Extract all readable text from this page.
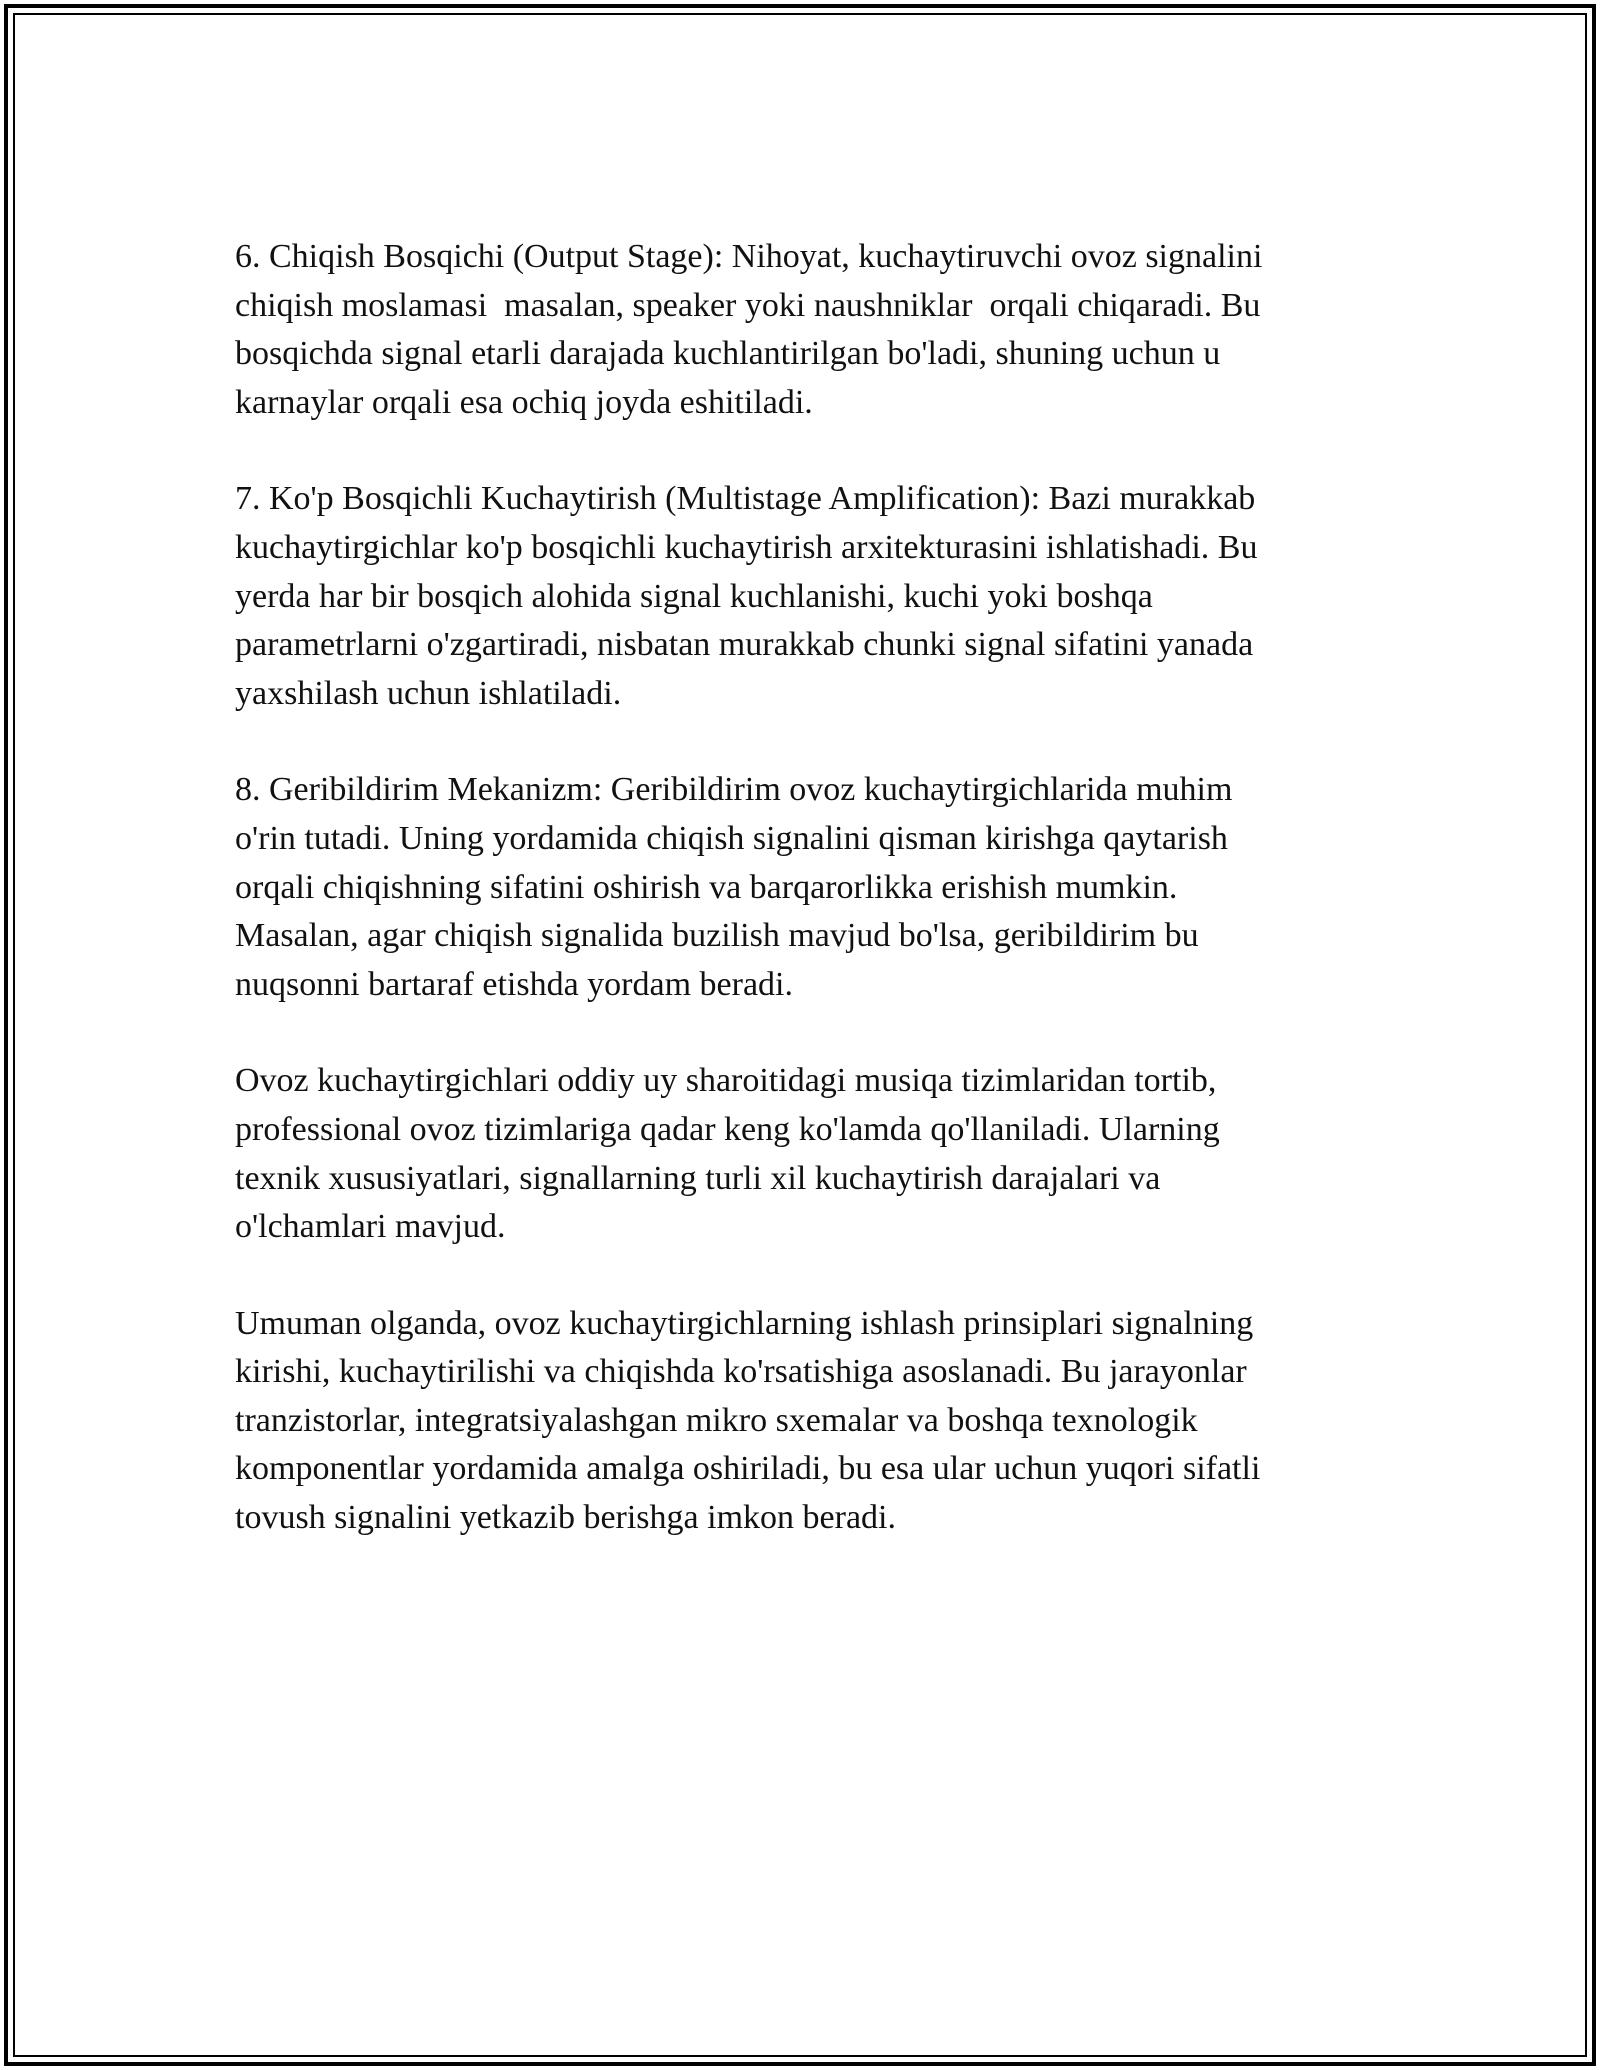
6. Chiqish Bosqichi (Output Stage): Nihoyat, kuchaytiruvchi ovoz signalini
chiqish moslamasi  masalan, speaker yoki naushniklar  orqali chiqaradi. Bu
bosqichda signal etarli darajada kuchlantirilgan bo'ladi, shuning uchun u
karnaylar orqali esa ochiq joyda eshitiladi.

7. Ko'p Bosqichli Kuchaytirish (Multistage Amplification): Bazi murakkab
kuchaytirgichlar ko'p bosqichli kuchaytirish arxitekturasini ishlatishadi. Bu
yerda har bir bosqich alohida signal kuchlanishi, kuchi yoki boshqa
parametrlarni o'zgartiradi, nisbatan murakkab chunki signal sifatini yanada
yaxshilash uchun ishlatiladi.

8. Geribildirim Mekanizm: Geribildirim ovoz kuchaytirgichlarida muhim
o'rin tutadi. Uning yordamida chiqish signalini qisman kirishga qaytarish
orqali chiqishning sifatini oshirish va barqarorlikka erishish mumkin.
Masalan, agar chiqish signalida buzilish mavjud bo'lsa, geribildirim bu
nuqsonni bartaraf etishda yordam beradi.

Ovoz kuchaytirgichlari oddiy uy sharoitidagi musiqa tizimlaridan tortib,
professional ovoz tizimlariga qadar keng ko'lamda qo'llaniladi. Ularning
texnik xususiyatlari, signallarning turli xil kuchaytirish darajalari va
o'lchamlari mavjud.

Umuman olganda, ovoz kuchaytirgichlarning ishlash prinsiplari signalning
kirishi, kuchaytirilishi va chiqishda ko'rsatishiga asoslanadi. Bu jarayonlar
tranzistorlar, integratsiyalashgan mikro sxemalar va boshqa texnologik
komponentlar yordamida amalga oshiriladi, bu esa ular uchun yuqori sifatli
tovush signalini yetkazib berishga imkon beradi.
